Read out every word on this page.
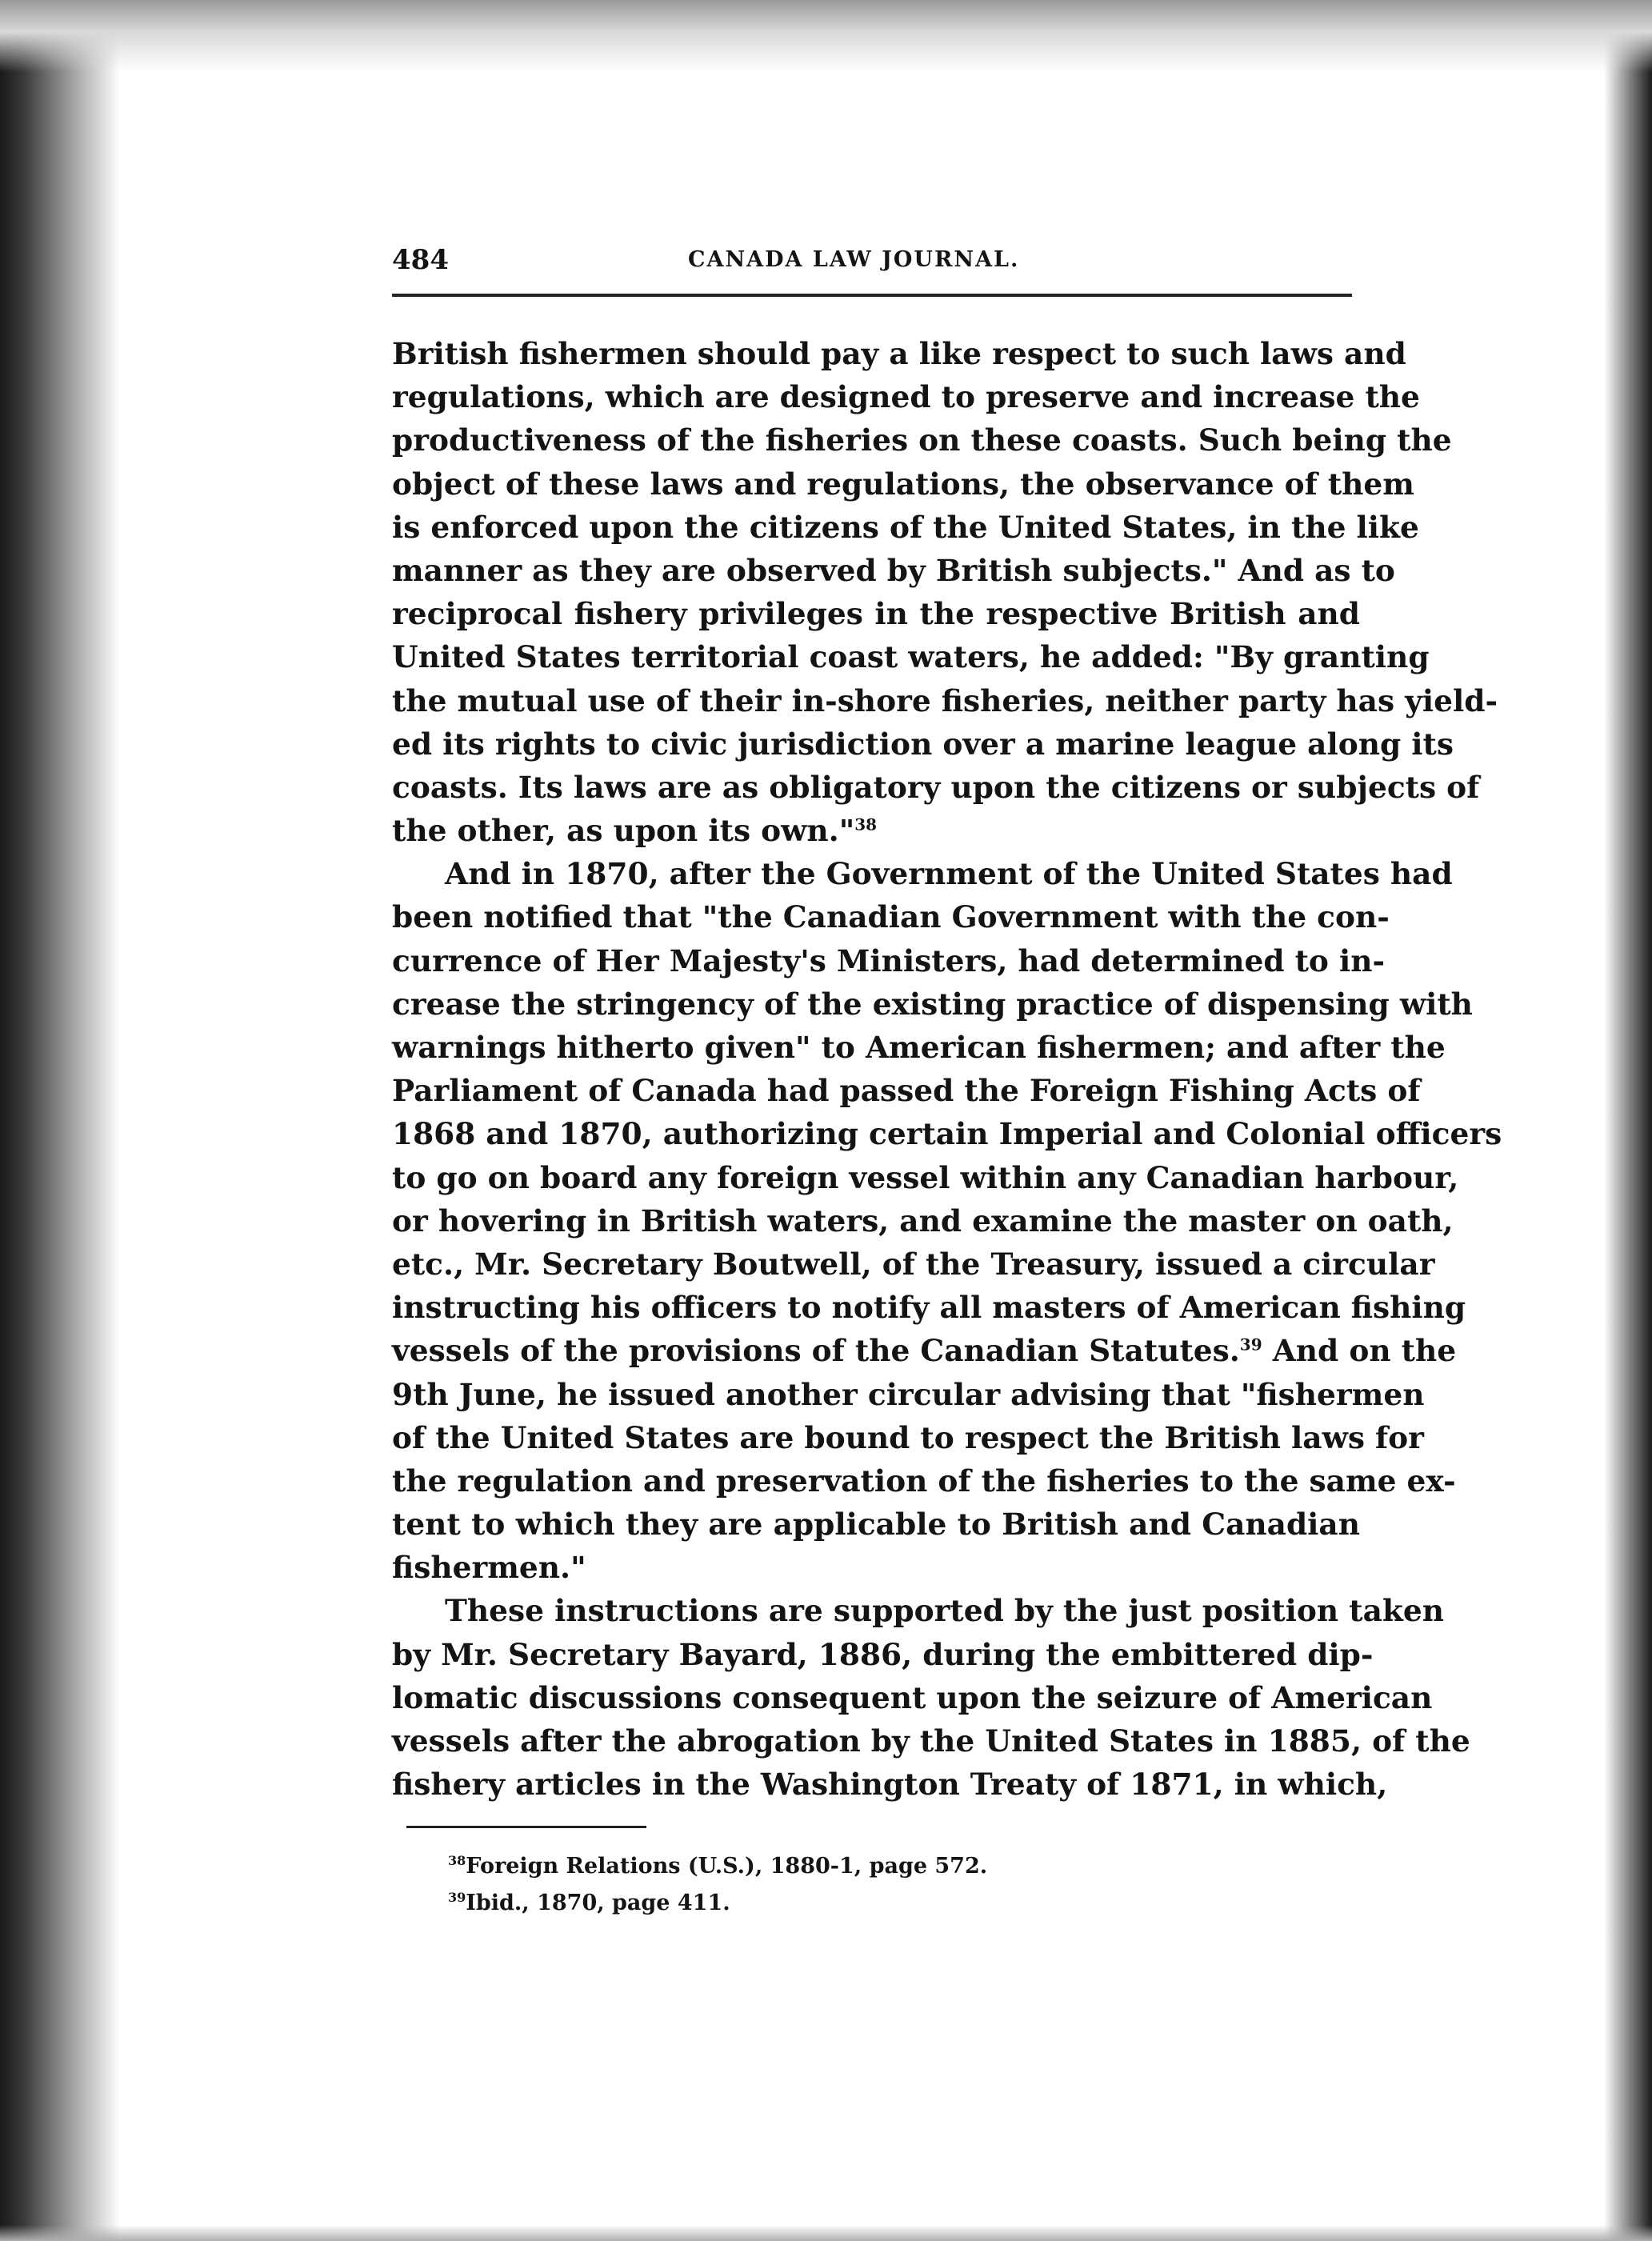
484	CANADA LAW JOURNAL.
British fishermen should pay a like respect to such laws and
regulations, which are designed to preserve and increase the
productiveness of the fisheries on these coasts. Such being the
object of these laws and regulations, the observance of them
is enforced upon the citizens of the United States, in the like
manner as they are observed by British subjects." And as to
reciprocal fishery privileges in the respective British and
United States territorial coast waters, he added: "By granting
the mutual use of their in-shore fisheries, neither party has yield-
ed its rights to civic jurisdiction over a marine league along its
coasts. Its laws are as obligatory upon the citizens or subjects of
the other, as upon its own."$^{38}$
And in 1870, after the Government of the United States had
been notified that "the Canadian Government with the con-
currence of Her Majesty's Ministers, had determined to in-
crease the stringency of the existing practice of dispensing with
warnings hitherto given" to American fishermen; and after the
Parliament of Canada had passed the Foreign Fishing Acts of
1868 and 1870, authorizing certain Imperial and Colonial officers
to go on board any foreign vessel within any Canadian harbour,
or hovering in British waters, and examine the master on oath,
etc., Mr. Secretary Boutwell, of the Treasury, issued a circular
instructing his officers to notify all masters of American fishing
vessels of the provisions of the Canadian Statutes.$^{39}$ And on the
9th June, he issued another circular advising that "fishermen
of the United States are bound to respect the British laws for
the regulation and preservation of the fisheries to the same ex-
tent to which they are applicable to British and Canadian
fishermen."
These instructions are supported by the just position taken
by Mr. Secretary Bayard, 1886, during the embittered dip-
lomatic discussions consequent upon the seizure of American
vessels after the abrogation by the United States in 1885, of the
fishery articles in the Washington Treaty of 1871, in which,
$^{38}$Foreign Relations (U.S.), 1880-1, page 572.
$^{39}$Ibid., 1870, page 411.
